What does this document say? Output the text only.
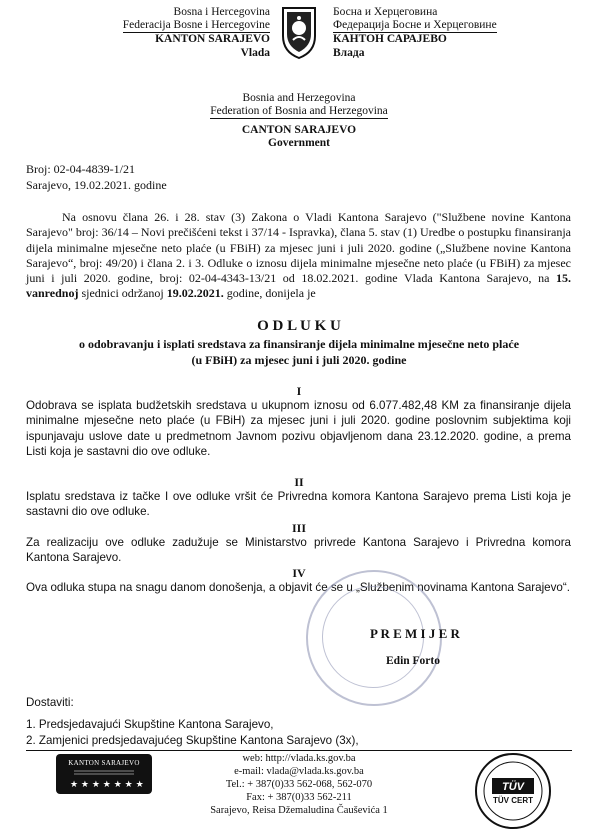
Bosna i Hercegovina
Federacija Bosne i Hercegovine
KANTON SARAJEVO
Vlada
Босна и Херцеговина
Федерација Босне и Херцеговине
КАНТОН САРАЈЕВО
Влада
Bosnia and Herzegovina
Federation of Bosnia and Herzegovina
CANTON SARAJEVO
Government
Broj: 02-04-4839-1/21
Sarajevo, 19.02.2021. godine
Na osnovu člana 26. i 28. stav (3) Zakona o Vladi Kantona Sarajevo ("Službene novine Kantona Sarajevo" broj: 36/14 – Novi prečišćeni tekst i 37/14 - Ispravka), člana 5. stav (1) Uredbe o postupku finansiranja dijela minimalne mjesečne neto plaće (u FBiH) za mjesec juni i juli 2020. godine („Službene novine Kantona Sarajevo“, broj: 49/20) i člana 2. i 3. Odluke o iznosu dijela minimalne mjesečne neto plaće (u FBiH) za mjesec juni i juli 2020. godine, broj: 02-04-4343-13/21 od 18.02.2021. godine Vlada Kantona Sarajevo, na 15. vanrednoj sjednici održanoj 19.02.2021. godine, donijela je
O D L U K U
o odobravanju i isplati sredstava za finansiranje dijela minimalne mjesečne neto plaće
(u FBiH) za mjesec juni i juli 2020. godine
I
Odobrava se isplata budžetskih sredstava u ukupnom iznosu od 6.077.482,48 KM za finansiranje dijela minimalne mjesečne neto plaće (u FBiH) za mjesec juni i juli 2020. godine poslovnim subjektima koji ispunjavaju uslove date u predmetnom Javnom pozivu objavljenom dana 23.12.2020. godine, a prema Listi koja je sastavni dio ove odluke.
II
Isplatu sredstava iz tačke I ove odluke vršit će Privredna komora Kantona Sarajevo prema Listi koja je sastavni dio ove odluke.
III
Za realizaciju ove odluke zadužuje se Ministarstvo privrede Kantona Sarajevo i Privredna komora Kantona Sarajevo.
IV
Ova odluka stupa na snagu danom donošenja, a objavit će se u „Službenim novinama Kantona Sarajevo“.
P R E M I J E R
Edin Forto
Dostaviti:
1. Predsjedavajući Skupštine Kantona Sarajevo,
2. Zamjenici predsjedavajućeg Skupštine Kantona Sarajevo (3x),
KANTON SARAJEVO
★ ★ ★ ★ ★ ★ ★
web: http://vlada.ks.gov.ba
e-mail: vlada@vlada.ks.gov.ba
Tel.: + 387(0)33 562-068, 562-070
Fax: + 387(0)33 562-211
Sarajevo, Reisa Džemaludina Čauševića 1
TÜV
TÜV CERT
